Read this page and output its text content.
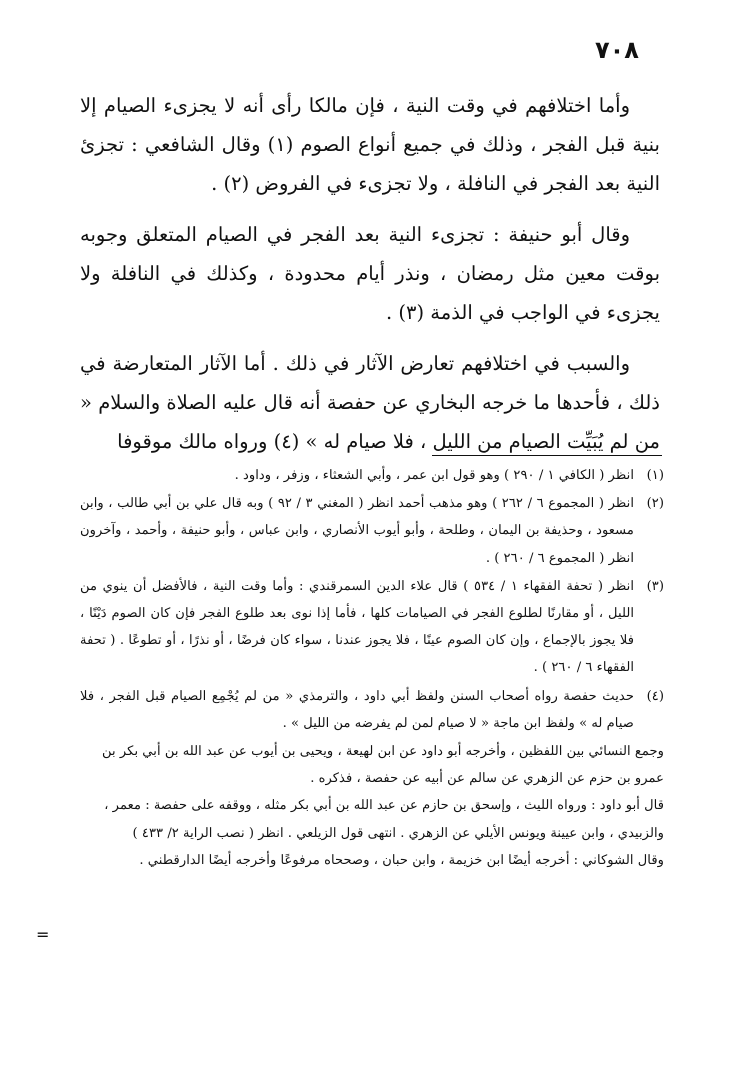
٧٠٨

وأما اختلافهم في وقت النية ، فإن مالكا رأى أنه لا يجزىء الصيام إلا بنية قبل الفجر ، وذلك في جميع أنواع الصوم (١) وقال الشافعي : تجزئ النية بعد الفجر في النافلة ، ولا تجزىء في الفروض (٢) .

وقال أبو حنيفة : تجزىء النية بعد الفجر في الصيام المتعلق وجوبه بوقت معين مثل رمضان ، ونذر أيام محدودة ، وكذلك في النافلة ولا يجزىء في الواجب في الذمة (٣) .

والسبب في اختلافهم تعارض الآثار في ذلك . أما الآثار المتعارضة في ذلك ، فأحدها ما خرجه البخاري عن حفصة أنه قال عليه الصلاة والسلام « من لم يُبَيِّت الصيام من الليل ، فلا صيام له » (٤) ورواه مالك موقوفا

(١)
انظر ( الكافي ١ / ٢٩٠ ) وهو قول ابن عمر ، وأبي الشعثاء ، وزفر ، وداود .
(٢)
انظر ( المجموع ٦ / ٢٦٢ ) وهو مذهب أحمد انظر ( المغني ٣ / ٩٢ ) وبه قال علي بن أبي طالب ، وابن مسعود ، وحذيفة بن اليمان ، وطلحة ، وأبو أيوب الأنصاري ، وابن عباس ، وأبو حنيفة ، وأحمد ، وآخرون انظر ( المجموع ٦ / ٢٦٠ ) .
(٣)
انظر ( تحفة الفقهاء ١ / ٥٣٤ ) قال علاء الدين السمرقندي : وأما وقت النية ، فالأفضل أن ينوي من الليل ، أو مقارنًا لطلوع الفجر في الصيامات كلها ، فأما إذا نوى بعد طلوع الفجر فإن كان الصوم دَيْنًا ، فلا يجوز بالإجماع ، وإن كان الصوم عينًا ، فلا يجوز عندنا ، سواء كان فرضًا ، أو نذرًا ، أو تطوعًا . ( تحفة الفقهاء ٦ / ٢٦٠ ) .
(٤)
حديث حفصة رواه أصحاب السنن ولفظ أبي داود ، والترمذي « من لم يُجْمِع الصيام قبل الفجر ، فلا صيام له » ولفظ ابن ماجة « لا صيام لمن لم يفرضه من الليل » .

وجمع النسائي بين اللفظين ، وأخرجه أبو داود عن ابن لهيعة ، ويحيى بن أيوب عن عبد الله بن أبي بكر بن عمرو بن حزم عن الزهري عن سالم عن أبيه عن حفصة ، فذكره .

قال أبو داود : ورواه الليث ، وإسحق بن حازم عن عبد الله بن أبي بكر مثله ، ووقفه على حفصة : معمر ، والزبيدي ، وابن عيينة ويونس الأيلي عن الزهري . انتهى قول الزيلعي . انظر ( نصب الراية ٢/ ٤٣٣ )

وقال الشوكاني : أخرجه أيضًا ابن خزيمة ، وابن حبان ، وصححاه مرفوعًا وأخرجه أيضًا الدارقطني .

=
